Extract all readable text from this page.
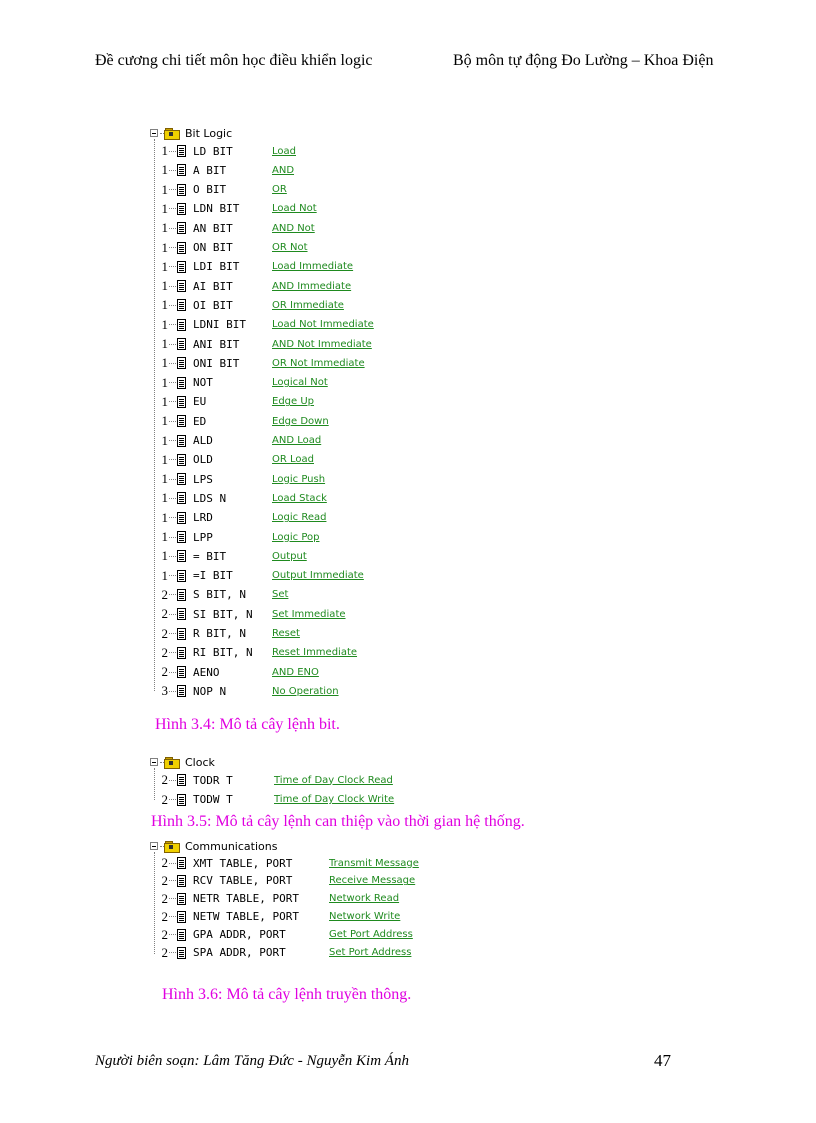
Đề cương chi tiết môn học điều khiển logic	Bộ môn tự động Đo Lường – Khoa Điện
Bit Logic
1 LD BIT	Load
1 A BIT	AND
1 O BIT	OR
1 LDN BIT	Load Not
1 AN BIT	AND Not
1 ON BIT	OR Not
1 LDI BIT	Load Immediate
1 AI BIT	AND Immediate
1 OI BIT	OR Immediate
1 LDNI BIT	Load Not Immediate
1 ANI BIT	AND Not Immediate
1 ONI BIT	OR Not Immediate
1 NOT	Logical Not
1 EU	Edge Up
1 ED	Edge Down
1 ALD	AND Load
1 OLD	OR Load
1 LPS	Logic Push
1 LDS N	Load Stack
1 LRD	Logic Read
1 LPP	Logic Pop
1 = BIT	Output
1 =I BIT	Output Immediate
2 S BIT, N	Set
2 SI BIT, N	Set Immediate
2 R BIT, N	Reset
2 RI BIT, N	Reset Immediate
2 AENO	AND ENO
3 NOP N	No Operation
Hình 3.4: Mô tả cây lệnh bit.
Clock
2 TODR T	Time of Day Clock Read
2 TODW T	Time of Day Clock Write
Hình 3.5: Mô tả cây lệnh can thiệp vào thời gian hệ thống.
Communications
2 XMT TABLE, PORT	Transmit Message
2 RCV TABLE, PORT	Receive Message
2 NETR TABLE, PORT	Network Read
2 NETW TABLE, PORT	Network Write
2 GPA ADDR, PORT	Get Port Address
2 SPA ADDR, PORT	Set Port Address
Hình 3.6: Mô tả cây lệnh truyền thông.
Người biên soạn: Lâm Tăng Đức - Nguyễn Kim Ánh	47
